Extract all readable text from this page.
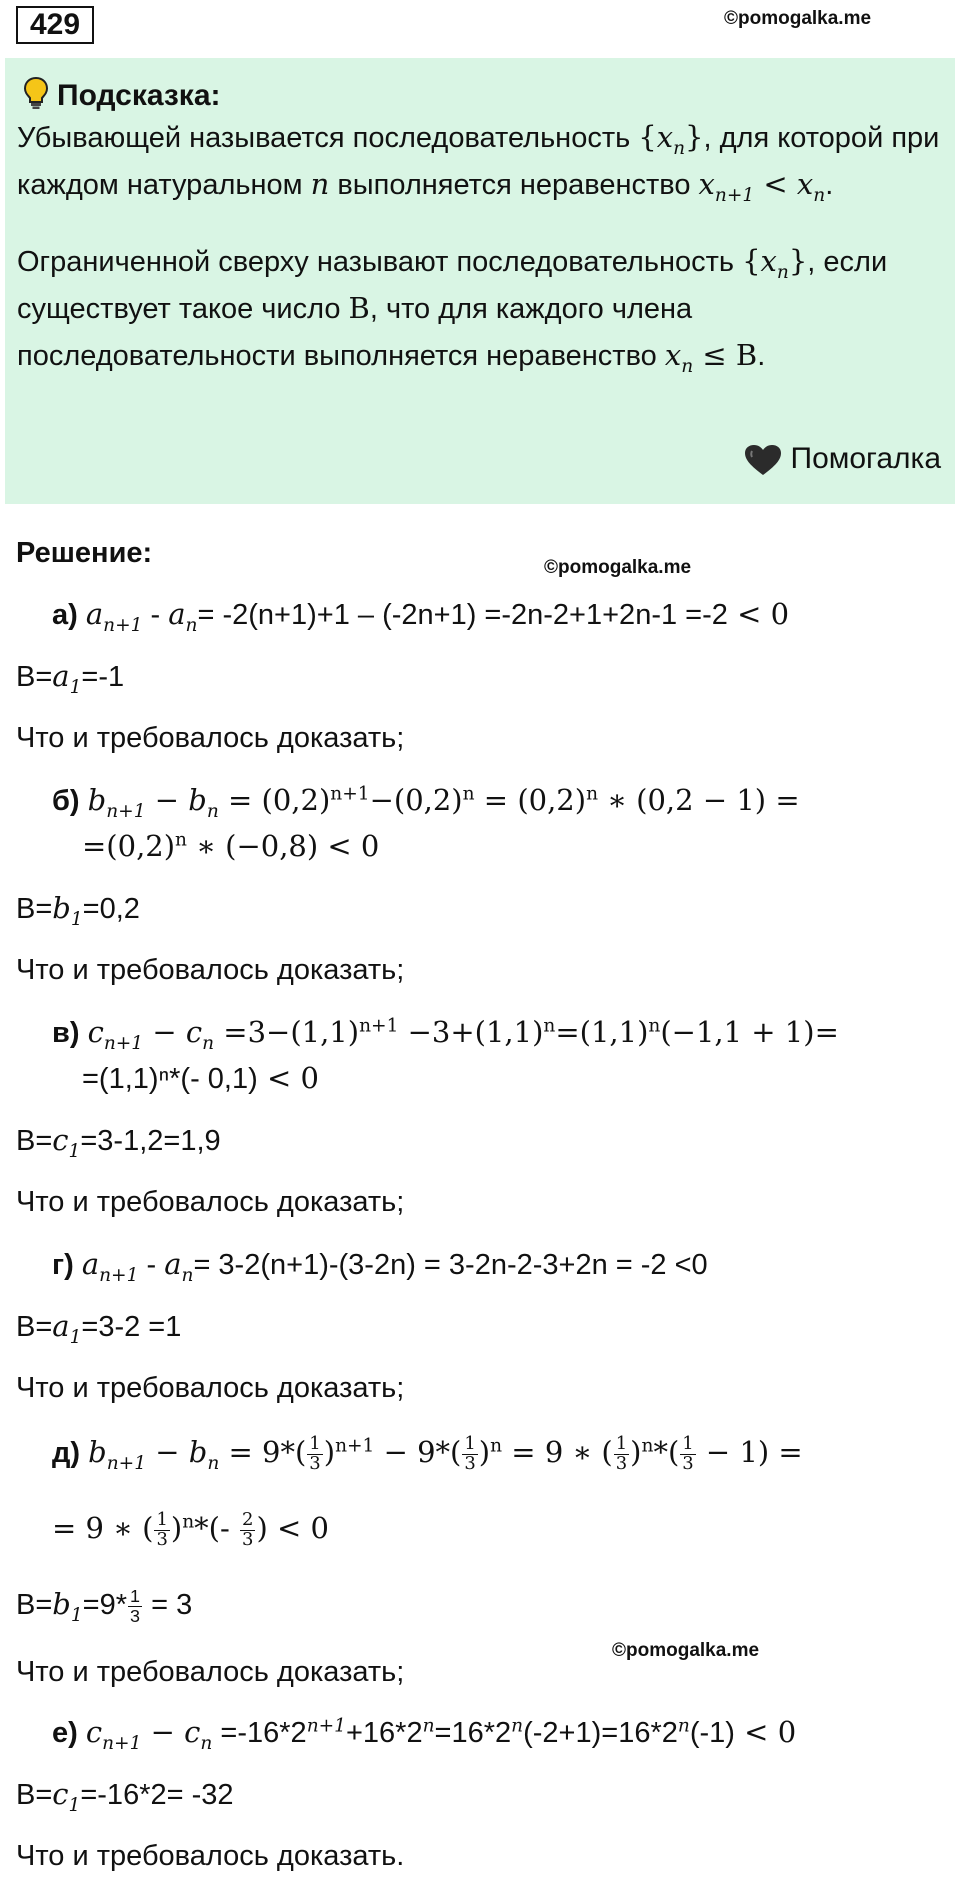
429	©pomogalka.me
Подсказка:
Убывающей называется последовательность $\{x_n\}$, для которой при каждом натуральном n выполняется неравенство $x_{n+1} < x_n$.
Ограниченной сверху называют последовательность $\{x_n\}$, если существует такое число B, что для каждого члена последовательности выполняется неравенство $x_n \le B$.
Помогалка
Решение:	©pomogalka.me
а) $a_{n+1} - a_n= -2(n+1)+1 - (-2n+1) =-2n-2+1+2n-1 =-2 < 0$
$B=a_1=-1$
Что и требовалось доказать;
б) $b_{n+1} - b_n = (0,2)^{n+1}-(0,2)^n = (0,2)^n$ ∗ (0,2 − 1) =
$=(0,2)^n$ ∗ (−0,8) < 0
$B=b_1=0,2$
Что и требовалось доказать;
в) $c_{n+1} - c_n =3-(1,1)^{n+1} -3+(1,1)^n=(1,1)^n(-1,1 + 1)=$
=(1,1)ⁿ*(- 0,1) < 0
$B=c_1=3-1,2=1,9$
Что и требовалось доказать;
г) $a_{n+1} - a_n= 3-2(n+1)-(3-2n) = 3-2n-2-3+2n = -2 <0$
$B=a_1=3-2 =1$
Что и требовалось доказать;
д) $b_{n+1} - b_n = 9*( \frac{1}{3} )^{n+1} - 9*( \frac{1}{3} )^n = 9$ ∗ ( $\frac{1}{3} )^n*( \frac{1}{3} - 1)$ =
= 9 ∗ ( $\frac{1}{3} )^n*(- \frac{2}{3}$ ) < 0
$B=b_1=9* \frac{1}{3} = 3$
©pomogalka.me
Что и требовалось доказать;
е) $c_{n+1} - c_n =-16*2^{n+1}+16*2^n=16*2^n(-2+1)=16*2^n(-1) < 0$
$B=c_1=-16*2= -32$
Что и требовалось доказать.
